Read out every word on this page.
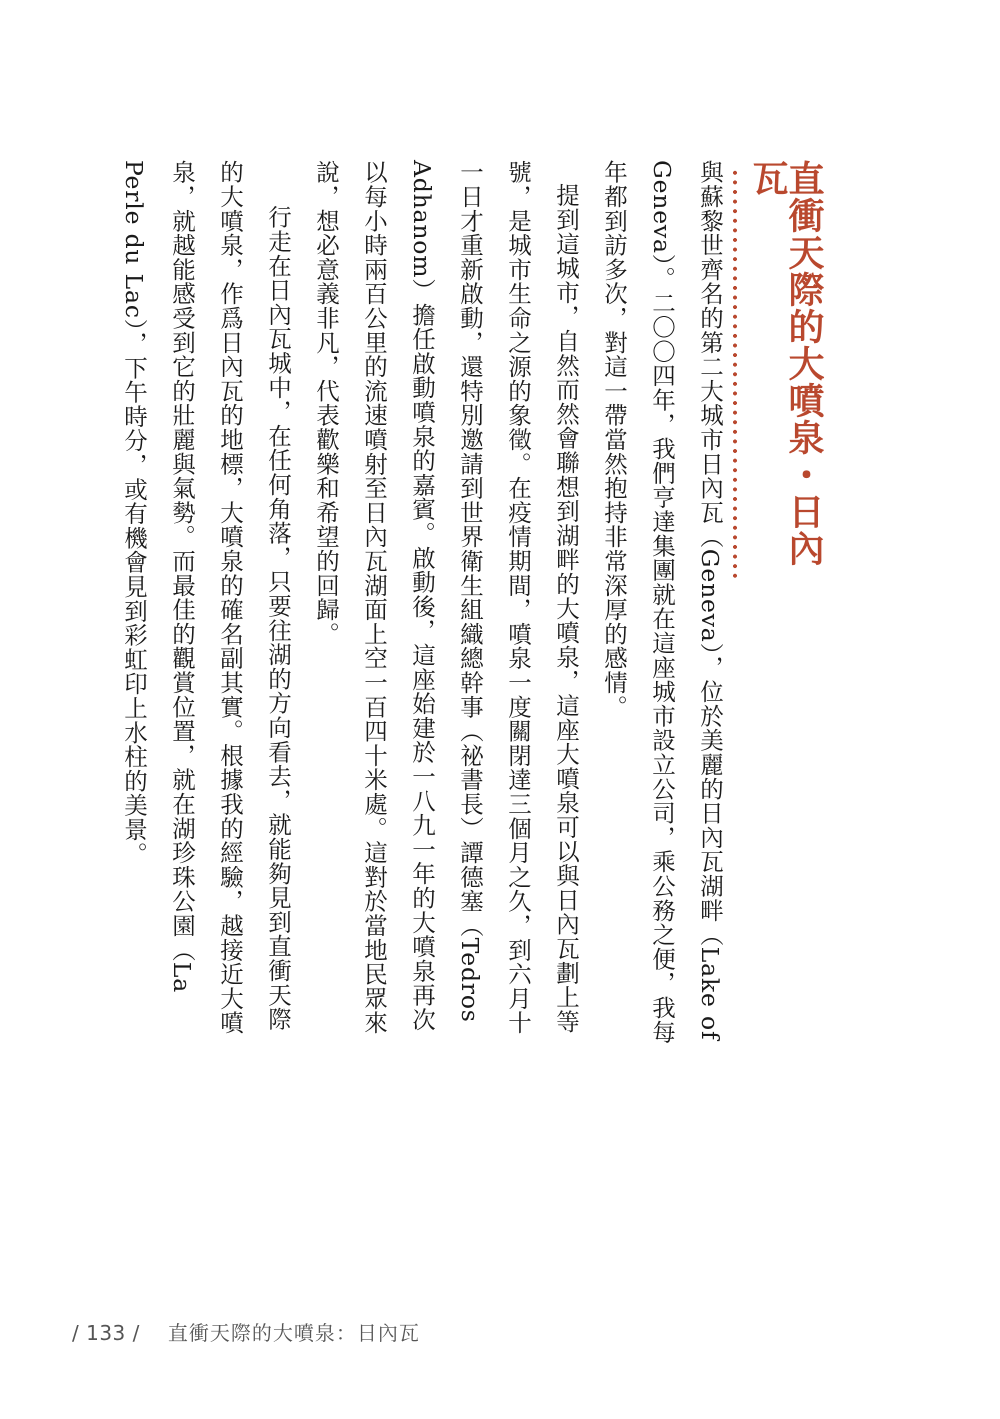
直衝天際的大噴泉・日內瓦

與蘇黎世齊名的第二大城市日內瓦（Geneva），位於美麗的日內瓦湖畔（Lake of Geneva）。二〇〇四年，我們亨達集團就在這座城市設立公司，乘公務之便，我每年都到訪多次，對這一帶當然抱持非常深厚的感情。

提到這城市，自然而然會聯想到湖畔的大噴泉，這座大噴泉可以與日內瓦劃上等號，是城市生命之源的象徵。在疫情期間，噴泉一度關閉達三個月之久，到六月十一日才重新啟動，還特別邀請到世界衛生組織總幹事（祕書長）譚德塞（Tedros Adhanom）擔任啟動噴泉的嘉賓。啟動後，這座始建於一八九一年的大噴泉再次以每小時兩百公里的流速噴射至日內瓦湖面上空一百四十米處。這對於當地民眾來說，想必意義非凡，代表歡樂和希望的回歸。

行走在日內瓦城中，在任何角落，只要往湖的方向看去，就能夠見到直衝天際的大噴泉，作爲日內瓦的地標，大噴泉的確名副其實。根據我的經驗，越接近大噴泉，就越能感受到它的壯麗與氣勢。而最佳的觀賞位置，就在湖珍珠公園（La Perle du Lac），下午時分，或有機會見到彩虹印上水柱的美景。

/ 133 / 直衝天際的大噴泉：日內瓦
